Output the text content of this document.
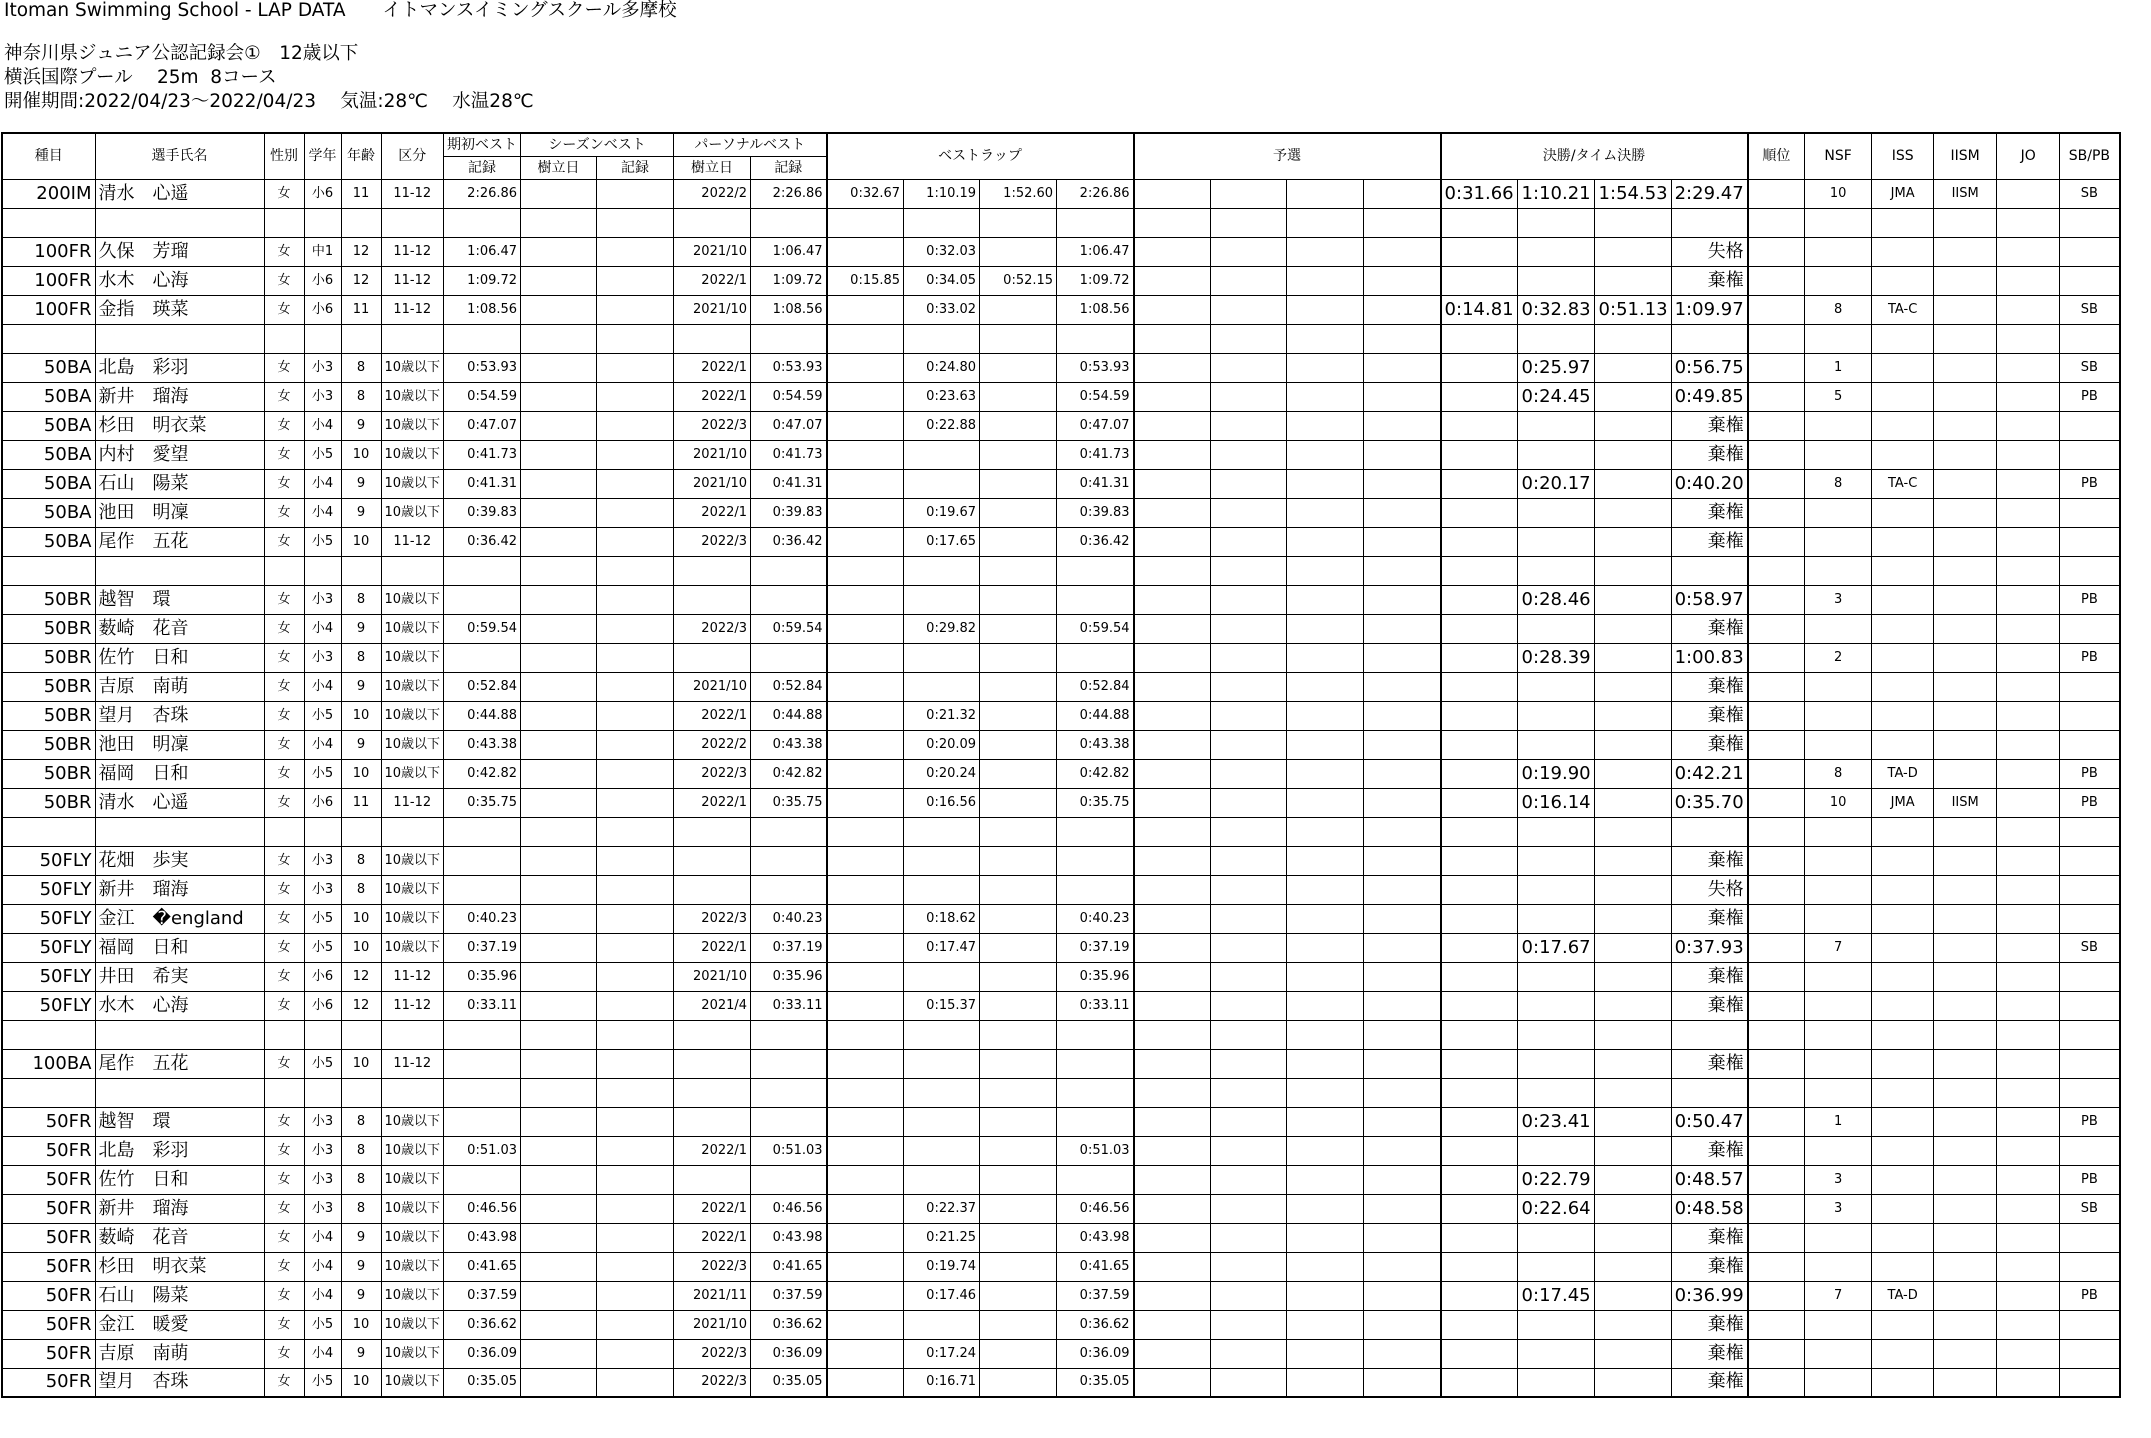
Itoman Swimming School - LAP DATA　　イトマンスイミングスクール多摩校
神奈川県ジュニア公認記録会①　12歳以下
横浜国際プール　 25m  8コース
開催期間:2022/04/23～2022/04/23　 気温:28℃　 水温28℃
種目	選手氏名	性別	学年	年齢	区分	期初ベスト	シーズンベスト		パーソナルベスト		ベストラップ				予選				決勝/タイム決勝				順位	NSF	ISS	IISM	JO	SB/PB
						記録	樹立日	記録	樹立日	記録																		
200IM	清水　心遥	女	小6	11	11-12	2:26.86			2022/2	2:26.86	0:32.67	1:10.19	1:52.60	2:26.86					0:31.66	1:10.21	1:54.53	2:29.47		10	JMA	IISM		SB

100FR	久保　芳瑠	女	中1	12	11-12	1:06.47			2021/10	1:06.47		0:32.03		1:06.47								失格						
100FR	水木　心海	女	小6	12	11-12	1:09.72			2022/1	1:09.72	0:15.85	0:34.05	0:52.15	1:09.72								棄権						
100FR	金指　瑛菜	女	小6	11	11-12	1:08.56			2021/10	1:08.56		0:33.02		1:08.56					0:14.81	0:32.83	0:51.13	1:09.97		8	TA-C			SB

50BA	北島　彩羽	女	小3	8	10歳以下	0:53.93			2022/1	0:53.93		0:24.80		0:53.93						0:25.97		0:56.75		1				SB
50BA	新井　瑠海	女	小3	8	10歳以下	0:54.59			2022/1	0:54.59		0:23.63		0:54.59						0:24.45		0:49.85		5				PB
50BA	杉田　明衣菜	女	小4	9	10歳以下	0:47.07			2022/3	0:47.07		0:22.88		0:47.07								棄権						
50BA	内村　愛望	女	小5	10	10歳以下	0:41.73			2021/10	0:41.73				0:41.73								棄権						
50BA	石山　陽菜	女	小4	9	10歳以下	0:41.31			2021/10	0:41.31				0:41.31						0:20.17		0:40.20		8	TA-C			PB
50BA	池田　明凜	女	小4	9	10歳以下	0:39.83			2022/1	0:39.83		0:19.67		0:39.83								棄権						
50BA	尾作　五花	女	小5	10	11-12	0:36.42			2022/3	0:36.42		0:17.65		0:36.42								棄権						

50BR	越智　環	女	小3	8	10歳以下															0:28.46		0:58.97		3				PB
50BR	薮崎　花音	女	小4	9	10歳以下	0:59.54			2022/3	0:59.54		0:29.82		0:59.54								棄権						
50BR	佐竹　日和	女	小3	8	10歳以下															0:28.39		1:00.83		2				PB
50BR	吉原　南萌	女	小4	9	10歳以下	0:52.84			2021/10	0:52.84				0:52.84								棄権						
50BR	望月　杏珠	女	小5	10	10歳以下	0:44.88			2022/1	0:44.88		0:21.32		0:44.88								棄権						
50BR	池田　明凜	女	小4	9	10歳以下	0:43.38			2022/2	0:43.38		0:20.09		0:43.38								棄権						
50BR	福岡　日和	女	小5	10	10歳以下	0:42.82			2022/3	0:42.82		0:20.24		0:42.82						0:19.90		0:42.21		8	TA-D			PB
50BR	清水　心遥	女	小6	11	11-12	0:35.75			2022/1	0:35.75		0:16.56		0:35.75						0:16.14		0:35.70		10	JMA	IISM		PB

50FLY	花畑　歩実	女	小3	8	10歳以下																	棄権						
50FLY	新井　瑠海	女	小3	8	10歳以下																	失格						
50FLY	金江　�england	女	小5	10	10歳以下	0:40.23			2022/3	0:40.23		0:18.62		0:40.23								棄権						
50FLY	福岡　日和	女	小5	10	10歳以下	0:37.19			2022/1	0:37.19		0:17.47		0:37.19						0:17.67		0:37.93		7				SB
50FLY	井田　希実	女	小6	12	11-12	0:35.96			2021/10	0:35.96				0:35.96								棄権						
50FLY	水木　心海	女	小6	12	11-12	0:33.11			2021/4	0:33.11		0:15.37		0:33.11								棄権						

100BA	尾作　五花	女	小5	10	11-12																	棄権						

50FR	越智　環	女	小3	8	10歳以下															0:23.41		0:50.47		1				PB
50FR	北島　彩羽	女	小3	8	10歳以下	0:51.03			2022/1	0:51.03				0:51.03								棄権						
50FR	佐竹　日和	女	小3	8	10歳以下															0:22.79		0:48.57		3				PB
50FR	新井　瑠海	女	小3	8	10歳以下	0:46.56			2022/1	0:46.56		0:22.37		0:46.56						0:22.64		0:48.58		3				SB
50FR	薮崎　花音	女	小4	9	10歳以下	0:43.98			2022/1	0:43.98		0:21.25		0:43.98								棄権						
50FR	杉田　明衣菜	女	小4	9	10歳以下	0:41.65			2022/3	0:41.65		0:19.74		0:41.65								棄権						
50FR	石山　陽菜	女	小4	9	10歳以下	0:37.59			2021/11	0:37.59		0:17.46		0:37.59						0:17.45		0:36.99		7	TA-D			PB
50FR	金江　暖愛	女	小5	10	10歳以下	0:36.62			2021/10	0:36.62				0:36.62								棄権						
50FR	吉原　南萌	女	小4	9	10歳以下	0:36.09			2022/3	0:36.09		0:17.24		0:36.09								棄権						
50FR	望月　杏珠	女	小5	10	10歳以下	0:35.05			2022/3	0:35.05		0:16.71		0:35.05								棄権						
